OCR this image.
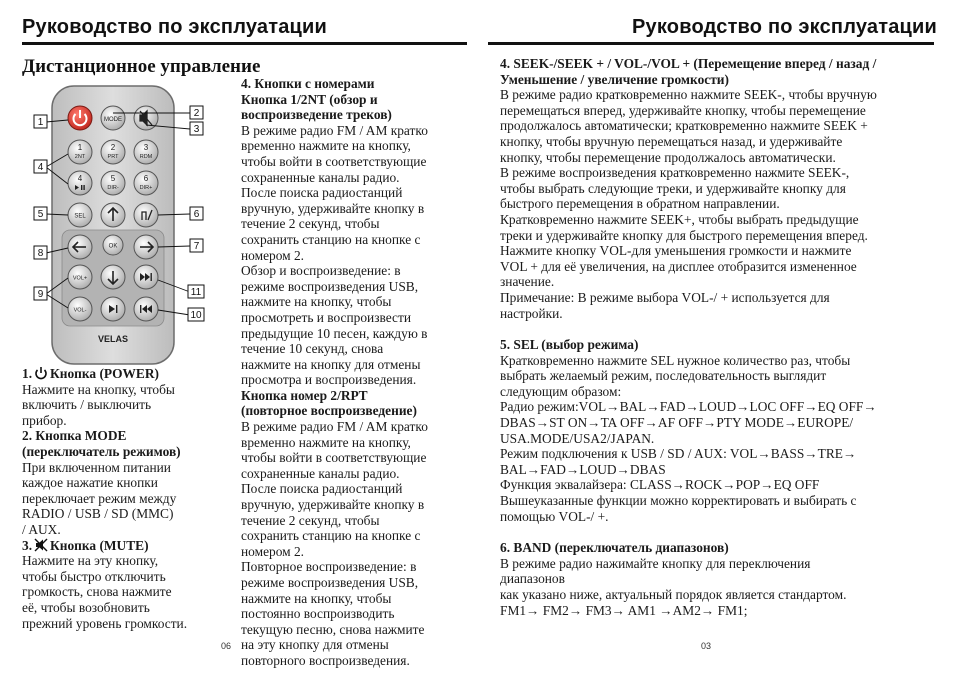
Руководство по эксплуатации	Руководство по эксплуатации
Дистанционное управление
MODE
1
2NT
2
PRT
3
RDM
4	5
DIR-
6
DIR+
SEL
OK
VOL+
VOL-
VELAS
1
2
3
4
5	6
7
8
9	11
10

1. Кнопка (POWER)

Нажмите на кнопку, чтобы

включить / выключить

прибор.

2. Кнопка MODE

(переключатель режимов)

При включенном питании

каждое нажатие кнопки

переключает режим между

RADIO / USB / SD (MMC)

/ AUX.

3. Кнопка (MUTE)

Нажмите на эту кнопку,

чтобы быстро отключить

громкость, снова нажмите

её, чтобы возобновить

прежний уровень громкости.

4. Кнопки с номерами

Кнопка 1/2NT (обзор и

воспроизведение треков)

В режиме радио FM / AM кратко

временно нажмите на кнопку,

чтобы войти в соответствующие

сохраненные каналы радио.

После поиска радиостанций

вручную, удерживайте кнопку в

течение 2 секунд, чтобы

сохранить станцию на кнопке с

номером 2.

Обзор и воспроизведение: в

режиме воспроизведения USB,

нажмите на кнопку, чтобы

просмотреть и воспроизвести

предыдущие 10 песен, каждую в

течение 10 секунд, снова

нажмите на кнопку для отмены

просмотра и воспроизведения.

Кнопка номер 2/RPT

(повторное воспроизведение)

В режиме радио FM / AM кратко

временно нажмите на кнопку,

чтобы войти в соответствующие

сохраненные каналы радио.

После поиска радиостанций

вручную, удерживайте кнопку в

течение 2 секунд, чтобы

сохранить станцию на кнопке с

номером 2.

Повторное воспроизведение: в

режиме воспроизведения USB,

нажмите на кнопку, чтобы

постоянно воспроизводить

текущую песню, снова нажмите

на эту кнопку для отмены

повторного воспроизведения.

4. SEEK-/SEEK + / VOL-/VOL + (Перемещение вперед / назад /

Уменьшение / увеличение громкости)

В режиме радио кратковременно нажмите SEEK-, чтобы вручную

перемещаться вперед, удерживайте кнопку, чтобы перемещение

продолжалось автоматически; кратковременно нажмите SEEK +

кнопку, чтобы вручную перемещаться назад, и удерживайте

кнопку, чтобы перемещение продолжалось автоматически.

В режиме воспроизведения кратковременно нажмите SEEK-,

чтобы выбрать следующие треки, и удерживайте кнопку для

быстрого перемещения в обратном направлении.

Кратковременно нажмите SEEK+, чтобы выбрать предыдущие

треки и удерживайте кнопку для быстрого перемещения вперед.

Нажмите кнопку VOL-для уменьшения громкости и нажмите

VOL + для её увеличения, на дисплее отобразится измененное

значение.

Примечание: В режиме выбора VOL-/ + используется для

настройки.

5. SEL (выбор режима)

Кратковременно нажмите SEL нужное количество раз, чтобы

выбрать желаемый режим, последовательность выглядит

следующим образом:

Радио режим:VOL→BAL→FAD→LOUD→LOC OFF→EQ OFF→

DBAS→ST ON→TA OFF→AF OFF→PTY MODE→EUROPE/

USA.MODE/USA2/JAPAN.

Режим подключения к USB / SD / AUX: VOL→BASS→TRE→

BAL→FAD→LOUD→DBAS

Функция эквалайзера: CLASS→ROCK→POP→EQ OFF

Вышеуказанные функции можно корректировать и выбирать с

помощью VOL-/ +.

6. BAND (переключатель диапазонов)

В режиме радио нажимайте кнопку для переключения

диапазонов

как указано ниже, актуальный порядок является стандартом.

FM1→ FM2→ FM3→ AM1 →AM2→ FM1;

06	03
